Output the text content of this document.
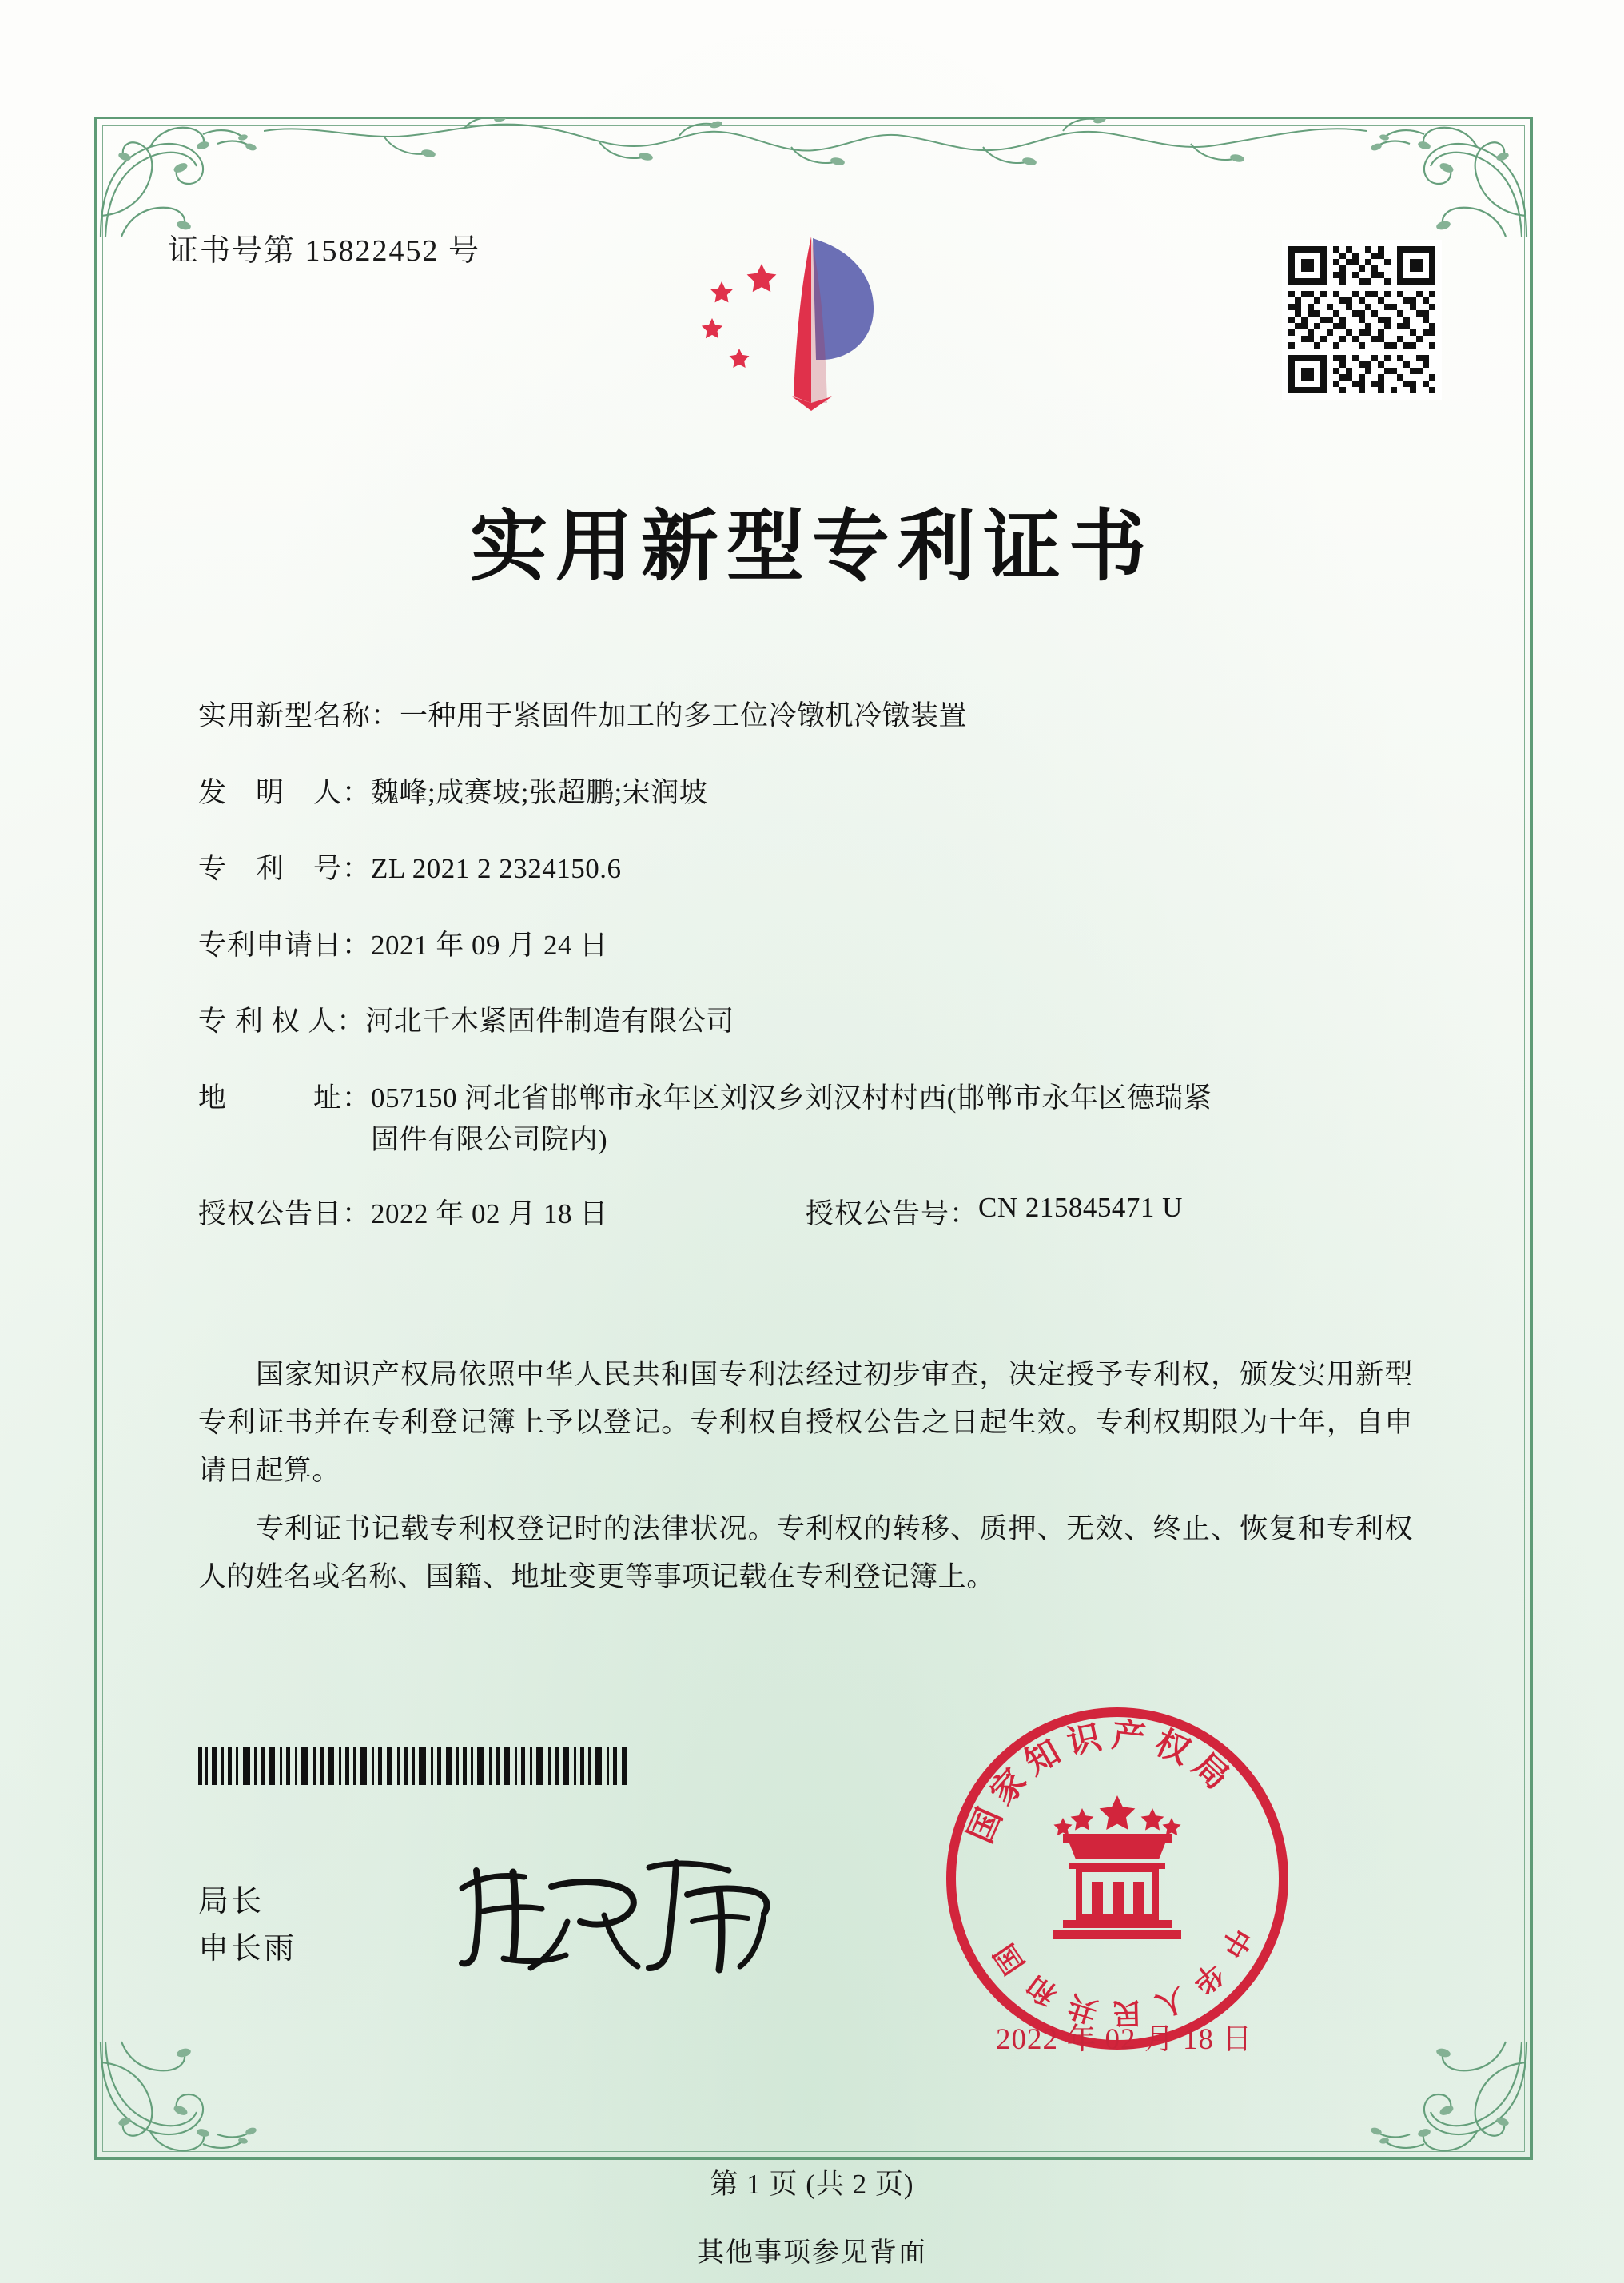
证书号第 15822452 号
实用新型专利证书
实用新型名称： 一种用于紧固件加工的多工位冷镦机冷镦装置
发　明　人： 魏峰;成赛坡;张超鹏;宋润坡
专　利　号： ZL 2021 2 2324150.6
专利申请日： 2021 年 09 月 24 日
专 利 权 人： 河北千木紧固件制造有限公司
地　　　址： 057150 河北省邯郸市永年区刘汉乡刘汉村村西(邯郸市永年区德瑞紧固件有限公司院内)
授权公告日： 2022 年 02 月 18 日	授权公告号： CN 215845471 U

国家知识产权局依照中华人民共和国专利法经过初步审查，决定授予专利权，颁发实用新型专利证书并在专利登记簿上予以登记。专利权自授权公告之日起生效。专利权期限为十年，自申请日起算。

专利证书记载专利权登记时的法律状况。专利权的转移、质押、无效、终止、恢复和专利权人的姓名或名称、国籍、地址变更等事项记载在专利登记簿上。

局长
申长雨
国家知识产权局
中华人民共和国
2022 年 02 月 18 日
第 1 页 (共 2 页)
其他事项参见背面
